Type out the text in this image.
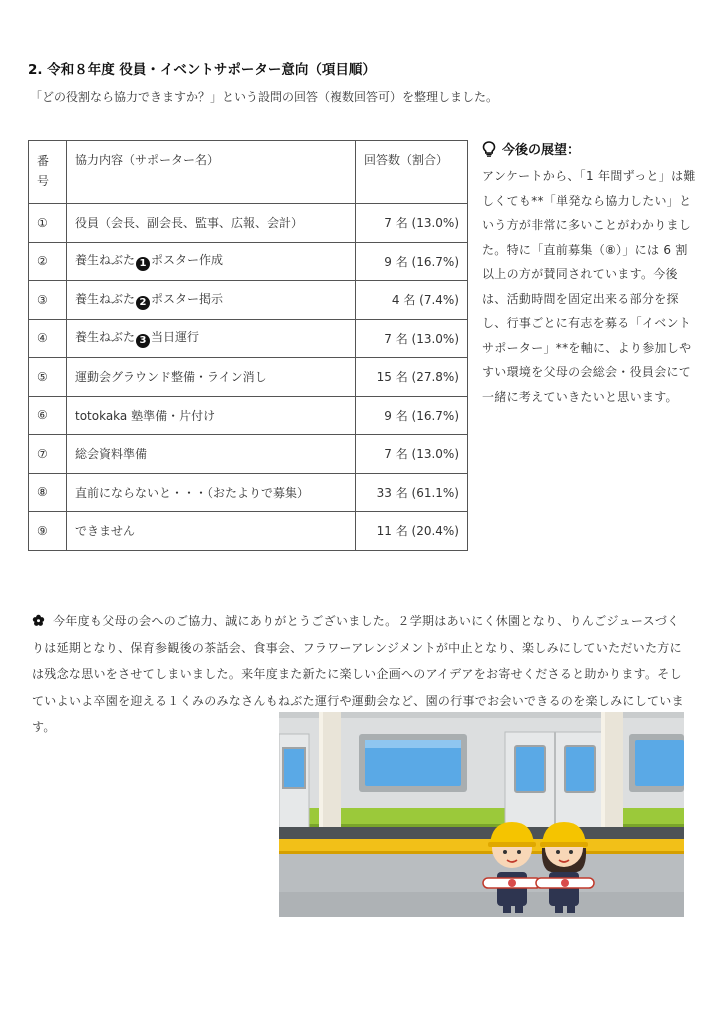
2. 令和８年度 役員・イベントサポーター意向（項目順）
「どの役割なら協力できますか？」という設問の回答（複数回答可）を整理しました。
番号	協力内容（サポーター名）	回答数（割合）
①	役員（会長、副会長、監事、広報、会計）	7 名 (13.0%)
②	養生ねぶた 1 ポスター作成	9 名 (16.7%)
③	養生ねぶた 2 ポスター掲示	4 名 (7.4%)
④	養生ねぶた 3 当日運行	7 名 (13.0%)
⑤	運動会グラウンド整備・ライン消し	15 名 (27.8%)
⑥	totokaka 塾準備・片付け	9 名 (16.7%)
⑦	総会資料準備	7 名 (13.0%)
⑧	直前にならないと・・・（おたよりで募集）	33 名 (61.1%)
⑨	できません	11 名 (20.4%)
今後の展望：
アンケートから、「1 年間ずっと」は難しくても**「単発なら協力したい」という方が非常に多いことがわかりました。特に「直前募集（⑧）」には 6 割以上の方が賛同されています。今後は、活動時間を固定出来る部分を探し、行事ごとに有志を募る「イベントサポーター」**を軸に、より参加しやすい環境を父母の会総会・役員会にて一緒に考えていきたいと思います。
今年度も父母の会へのご協力、誠にありがとうございました。２学期はあいにく休園となり、りんごジュースづくりは延期となり、保育参観後の茶話会、食事会、フラワーアレンジメントが中止となり、楽しみにしていただいた方には残念な思いをさせてしまいました。来年度また新たに楽しい企画へのアイデアをお寄せくださると助かります。そしていよいよ卒園を迎える１くみのみなさんもねぶた運行や運動会など、園の行事でお会いできるのを楽しみにしています。
